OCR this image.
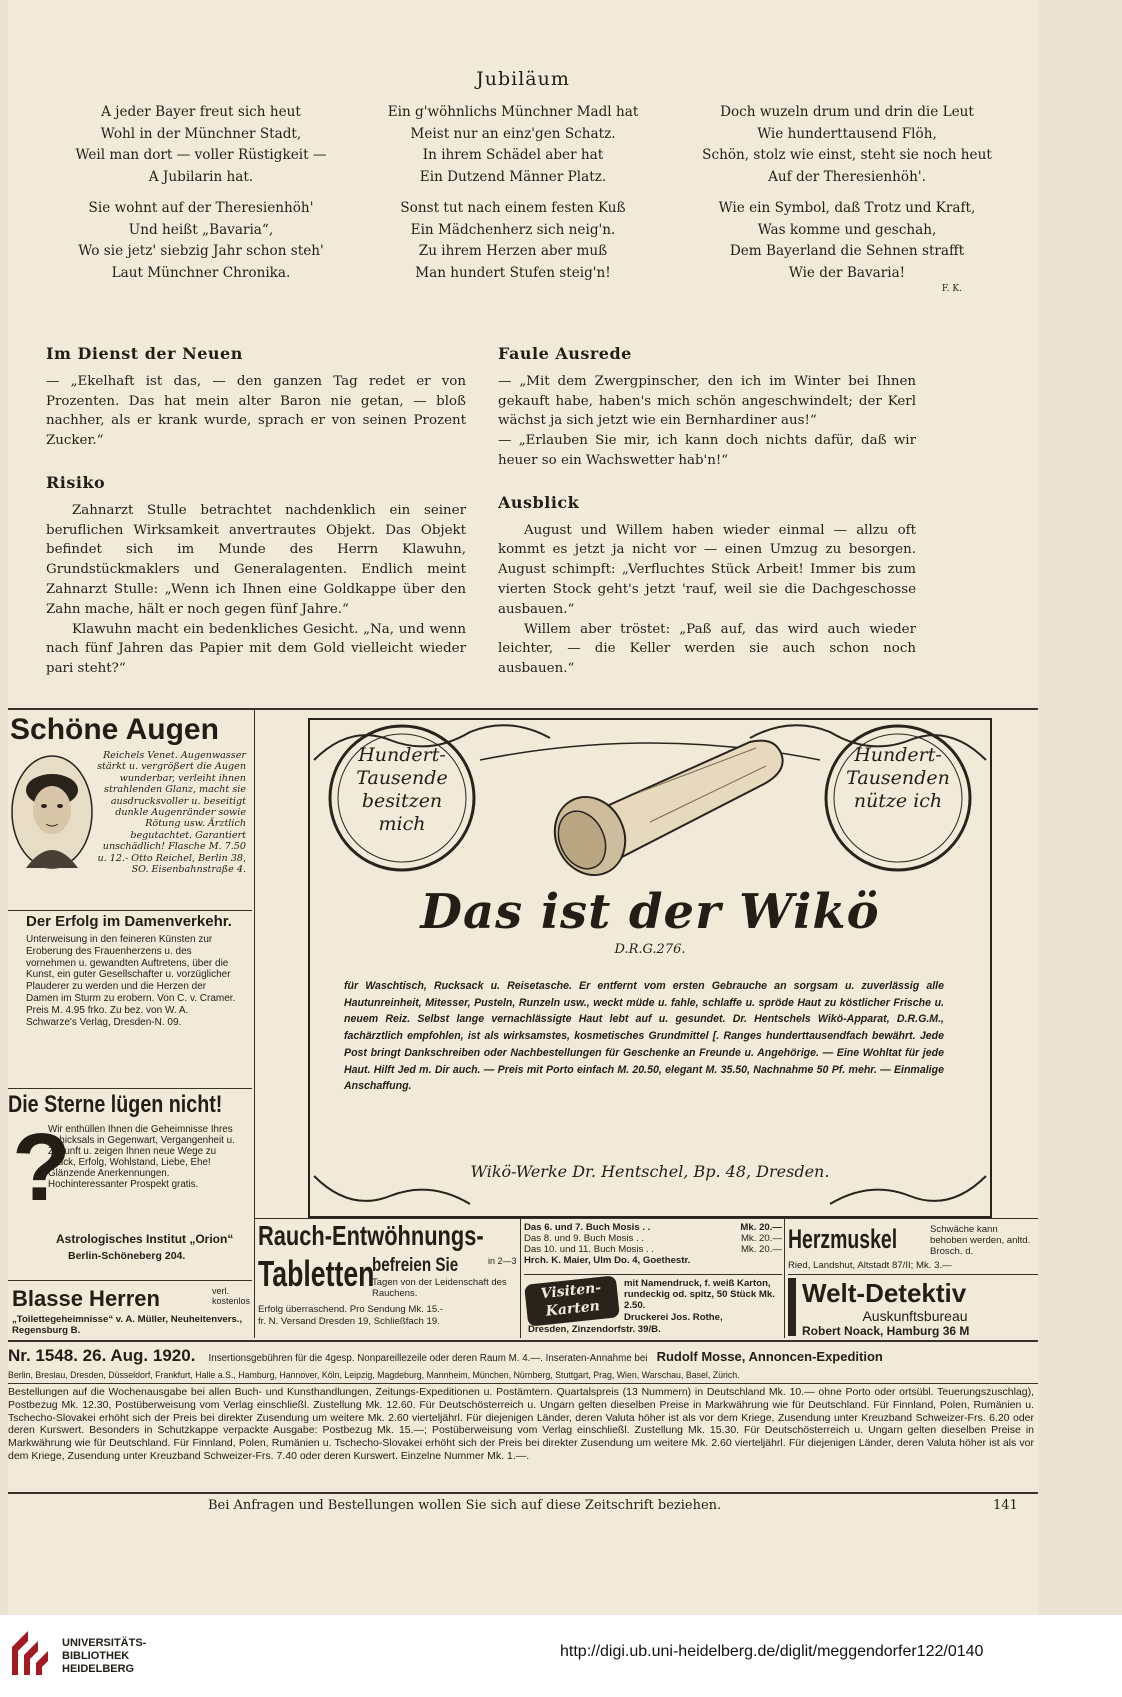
Jubiläum
A jeder Bayer freut sich heut
Wohl in der Münchner Stadt,
Weil man dort — voller Rüstigkeit —
A Jubilarin hat.
Sie wohnt auf der Theresienhöh'
Und heißt „Bavaria“,
Wo sie jetz' siebzig Jahr schon steh'
Laut Münchner Chronika.
Ein g'wöhnlichs Münchner Madl hat
Meist nur an einz'gen Schatz.
In ihrem Schädel aber hat
Ein Dutzend Männer Platz.
Sonst tut nach einem festen Kuß
Ein Mädchenherz sich neig'n.
Zu ihrem Herzen aber muß
Man hundert Stufen steig'n!
Doch wuzeln drum und drin die Leut
Wie hunderttausend Flöh,
Schön, stolz wie einst, steht sie noch heut
Auf der Theresienhöh'.
Wie ein Symbol, daß Trotz und Kraft,
Was komme und geschah,
Dem Bayerland die Sehnen strafft
Wie der Bavaria!
F. K.
Im Dienst der Neuen

— „Ekelhaft ist das, — den ganzen Tag redet er von Prozenten. Das hat mein alter Baron nie getan, — bloß nachher, als er krank wurde, sprach er von seinen Prozent Zucker.“

Risiko

Zahnarzt Stulle betrachtet nachdenklich ein seiner beruflichen Wirksamkeit anvertrautes Objekt. Das Objekt befindet sich im Munde des Herrn Klawuhn, Grundstückmaklers und Generalagenten. Endlich meint Zahnarzt Stulle: „Wenn ich Ihnen eine Goldkappe über den Zahn mache, hält er noch gegen fünf Jahre.“

Klawuhn macht ein bedenkliches Gesicht. „Na, und wenn nach fünf Jahren das Papier mit dem Gold vielleicht wieder pari steht?“

Faule Ausrede

— „Mit dem Zwergpinscher, den ich im Winter bei Ihnen gekauft habe, haben's mich schön angeschwindelt; der Kerl wächst ja sich jetzt wie ein Bernhardiner aus!“

— „Erlauben Sie mir, ich kann doch nichts dafür, daß wir heuer so ein Wachswetter hab'n!“

Ausblick

August und Willem haben wieder einmal — allzu oft kommt es jetzt ja nicht vor — einen Umzug zu besorgen. August schimpft: „Verfluchtes Stück Arbeit! Immer bis zum vierten Stock geht's jetzt 'rauf, weil sie die Dachgeschosse ausbauen.“

Willem aber tröstet: „Paß auf, das wird auch wieder leichter, — die Keller werden sie auch schon noch ausbauen.“

Schöne Augen
Reichels Venet. Augenwasser stärkt u. vergrößert die Augen wunderbar, verleiht ihnen strahlenden Glanz, macht sie ausdrucksvoller u. beseitigt dunkle Augenränder sowie Rötung usw. Ärztlich begutachtet. Garantiert unschädlich! Flasche M. 7.50 u. 12.- Otto Reichel, Berlin 38, SO. Eisenbahnstraße 4.
Der Erfolg im Damenverkehr.
Unterweisung in den feineren Künsten zur Eroberung des Frauenherzens u. des vornehmen u. gewandten Auftretens, über die Kunst, ein guter Gesellschafter u. vorzüglicher Plauderer zu werden und die Herzen der Damen im Sturm zu erobern. Von C. v. Cramer. Preis M. 4.95 frko. Zu bez. von W. A. Schwarze's Verlag, Dresden-N. 09.
Die Sterne lügen nicht!
?
Wir enthüllen Ihnen die Geheimnisse Ihres Schicksals in Gegenwart, Vergangenheit u. Zukunft u. zeigen Ihnen neue Wege zu Glück, Erfolg, Wohlstand, Liebe, Ehe! Glänzende Anerkennungen. Hochinteressanter Prospekt gratis.
Astrologisches Institut „Orion“
Berlin-Schöneberg 204.
Blasse Herren	verl. kostenlos
„Toilettegeheimnisse“ v. A. Müller, Neuheitenvers., Regensburg B.
Hundert-Tausende besitzen mich
Hundert-Tausenden nütze ich
Das ist der Wikö
D.R.G.276.
für Waschtisch, Rucksack u. Reisetasche. Er entfernt vom ersten Gebrauche an sorgsam u. zuverlässig alle Hautunreinheit, Mitesser, Pusteln, Runzeln usw., weckt müde u. fahle, schlaffe u. spröde Haut zu köstlicher Frische u. neuem Reiz. Selbst lange vernachlässigte Haut lebt auf u. gesundet. Dr. Hentschels Wikö-Apparat, D.R.G.M., fachärztlich empfohlen, ist als wirksamstes, kosmetisches Grundmittel [. Ranges hunderttausendfach bewährt. Jede Post bringt Dankschreiben oder Nachbestellungen für Geschenke an Freunde u. Angehörige. — Eine Wohltat für jede Haut. Hilft Jed m. Dir auch. — Preis mit Porto einfach M. 20.50, elegant M. 35.50, Nachnahme 50 Pf. mehr. — Einmalige Anschaffung.
Wikö-Werke Dr. Hentschel, Bp. 48, Dresden.
Rauch-Entwöhnungs-
Tabletten
befreien Sie	in 2—3
Tagen von der Leidenschaft des Rauchens.
Erfolg überraschend. Pro Sendung Mk. 15.-
fr. N. Versand Dresden 19, Schließfach 19.
Das 6. und 7. Buch Mosis . .	Mk. 20.—
Das 8. und 9. Buch Mosis . .	Mk. 20.—
Das 10. und 11. Buch Mosis . .	Mk. 20.—
Hrch. K. Maier, Ulm Do. 4, Goethestr.
Visiten-Karten
mit Namendruck, f. weiß Karton, rundeckig od. spitz, 50 Stück Mk. 2.50.
Druckerei Jos. Rothe,
Dresden, Zinzendorfstr. 39/B.
Herzmuskel	Schwäche kann behoben werden, anltd. Brosch. d.
Ried, Landshut, Altstadt 87/II; Mk. 3.—
Welt-Detektiv
Auskunftsbureau
Robert Noack, Hamburg 36 M
Nr. 1548. 26. Aug. 1920. Insertionsgebühren für die 4gesp. Nonpareillezeile oder deren Raum M. 4.—. Inseraten-Annahme bei Rudolf Mosse, Annoncen-Expedition
Berlin, Breslau, Dresden, Düsseldorf, Frankfurt, Halle a.S., Hamburg, Hannover, Köln, Leipzig, Magdeburg, Mannheim, München, Nürnberg, Stuttgart, Prag, Wien, Warschau, Basel, Zürich.
Bestellungen auf die Wochenausgabe bei allen Buch- und Kunsthandlungen, Zeitungs-Expeditionen u. Postämtern. Quartalspreis (13 Nummern) in Deutschland Mk. 10.— ohne Porto oder ortsübl. Teuerungszuschlag), Postbezug Mk. 12.30, Postüberweisung vom Verlag einschließl. Zustellung Mk. 12.60. Für Deutschösterreich u. Ungarn gelten dieselben Preise in Markwährung wie für Deutschland. Für Finnland, Polen, Rumänien u. Tschecho-Slovakei erhöht sich der Preis bei direkter Zusendung um weitere Mk. 2.60 vierteljährl. Für diejenigen Länder, deren Valuta höher ist als vor dem Kriege, Zusendung unter Kreuzband Schweizer-Frs. 6.20 oder deren Kurswert. Besonders in Schutzkappe verpackte Ausgabe: Postbezug Mk. 15.—; Postüberweisung vom Verlag einschließl. Zustellung Mk. 15.30. Für Deutschösterreich u. Ungarn gelten dieselben Preise in Markwährung wie für Deutschland. Für Finnland, Polen, Rumänien u. Tschecho-Slovakei erhöht sich der Preis bei direkter Zusendung um weitere Mk. 2.60 vierteljährl. Für diejenigen Länder, deren Valuta höher ist als vor dem Kriege, Zusendung unter Kreuzband Schweizer-Frs. 7.40 oder deren Kurswert. Einzelne Nummer Mk. 1.—.
Bei Anfragen und Bestellungen wollen Sie sich auf diese Zeitschrift beziehen.	141
UNIVERSITÄTS-
BIBLIOTHEK
HEIDELBERG
http://digi.ub.uni-heidelberg.de/diglit/meggendorfer122/0140
